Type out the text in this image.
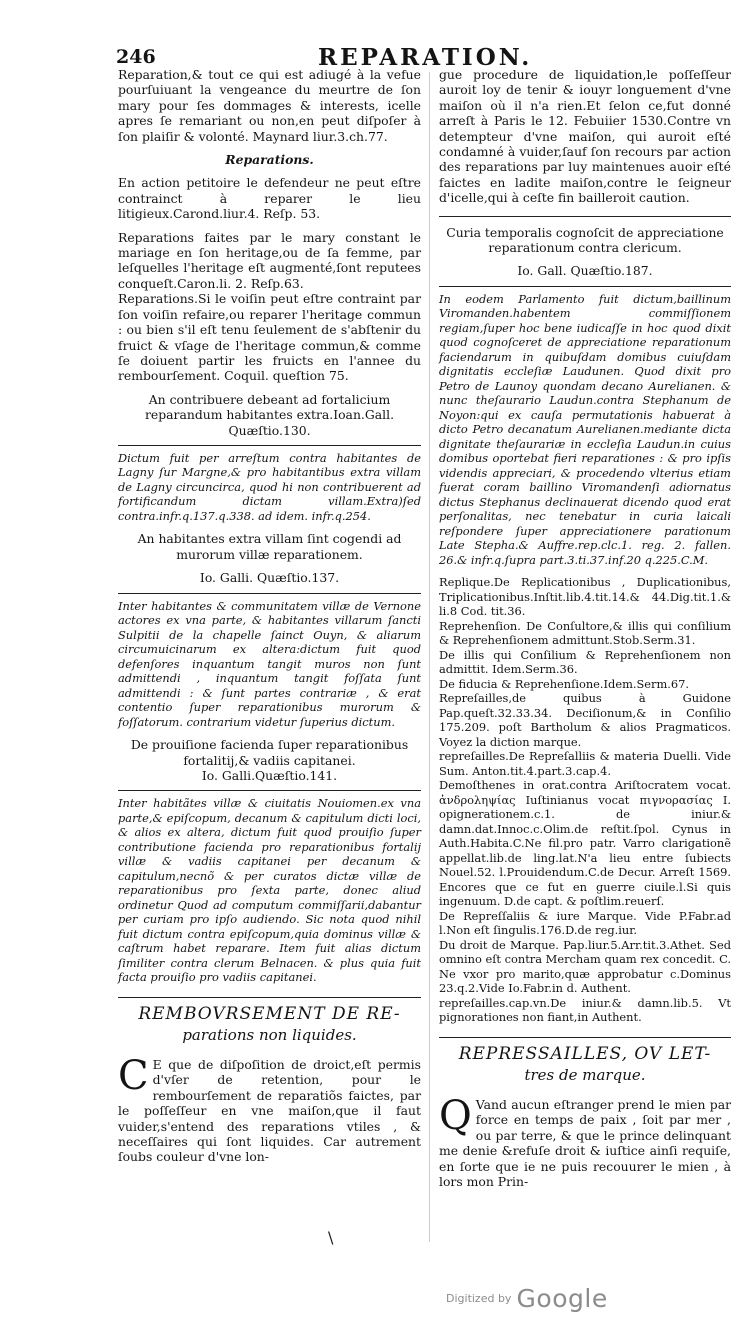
246	REPARATION.

Reparation,& tout ce qui est adiugé à la vefue pourſuiuant la vengeance du meurtre de ſon mary pour ſes dommages & interests, icelle apres ſe remariant ou non,en peut diſpoſer à ſon plaiſir & volonté. Maynard liur.3.ch.77.

Reparations.

En action petitoire le defendeur ne peut eſtre contrainct à reparer le lieu litigieux.Carond.liur.4. Reſp. 53.

Reparations faites par le mary constant le mariage en ſon heritage,ou de ſa femme, par leſquelles l'heritage eſt augmenté,ſont reputees conqueſt.Caron.li. 2. Reſp.63.

Reparations.Si le voiſin peut eſtre contraint par ſon voiſin refaire,ou reparer l'heritage commun : ou bien s'il eſt tenu ſeulement de s'abſtenir du fruict & vſage de l'heritage commun,& comme ſe doiuent partir les fruicts en l'annee du rembourſement. Coquil. queſtion 75.

An contribuere debeant ad fortalicium reparandum habitantes extra.Ioan.Gall. Quæſtio.130.

Dictum fuit per arreſtum contra habitantes de Lagny ſur Margne,& pro habitantibus extra villam de Lagny circuncirca, quod hi non contribuerent ad fortificandum dictam villam.Extra)ſed contra.infr.q.137.q.338. ad idem. infr.q.254.

An habitantes extra villam ſint cogendi ad murorum villæ reparationem.

Io. Galli. Quæſtio.137.

Inter habitantes & communitatem villæ de Vernone actores ex vna parte, & habitantes villarum ſancti Sulpitii de la chapelle ſainct Ouyn, & aliarum circumuicinarum ex altera:dictum fuit quod defenſores inquantum tangit muros non ſunt admittendi , inquantum tangit foſſata ſunt admittendi : & ſunt partes contrariæ , & erat contentio ſuper reparationibus murorum & foſſatorum. contrarium videtur ſuperius dictum.

De prouiſione facienda ſuper reparationibus fortalitij,& vadiis capitanei.

Io. Galli.Quæſtio.141.

Inter habitãtes villæ & ciuitatis Nouiomen.ex vna parte,& epiſcopum, decanum & capitulum dicti loci, & alios ex altera, dictum fuit quod prouiſio ſuper contributione facienda pro reparationibus fortalij villæ & vadiis capitanei per decanum & capitulum,necnõ & per curatos dictæ villæ de reparationibus pro ſexta parte, donec aliud ordinetur Quod ad computum commiſſarii,dabantur per curiam pro ipſo audiendo. Sic nota quod nihil fuit dictum contra epiſcopum,quia dominus villæ & caſtrum habet reparare. Item fuit alias dictum ſimiliter contra clerum Belnacen. & plus quia fuit facta prouiſio pro vadiis capitanei.

REMBOVRSEMENT DE RE-
parations non liquides.

C E que de diſpoſition de droict,eſt permis d'vſer de retention, pour le rembourſement de reparatiõs faictes, par le poſſeſſeur en vne maiſon,que il faut vuider,s'entend des reparations vtiles , & neceſſaires qui ſont liquides. Car autrement ſoubs couleur d'vne lon-

gue procedure de liquidation,le poſſeſſeur auroit loy de tenir & iouyr longuement d'vne maiſon où il n'a rien.Et ſelon ce,fut donné arreſt à Paris le 12. Febuiier 1530.Contre vn detempteur d'vne maiſon, qui auroit eſté condamné à vuider,ſauf ſon recours par action des reparations par luy maintenues auoir eſté faictes en ladite maiſon,contre le ſeigneur d'icelle,qui à ceſte fin bailleroit caution.

Curia temporalis cognoſcit de appreciatione reparationum contra clericum.

Io. Gall. Quæſtio.187.

In eodem Parlamento fuit dictum,baillinum Viromanden.habentem commiſſionem regiam,ſuper hoc bene iudicaſſe in hoc quod dixit quod cognoſceret de appreciatione reparationum faciendarum in quibuſdam domibus cuiuſdam dignitatis eccleſiæ Laudunen. Quod dixit pro Petro de Launoy quondam decano Aurelianen. & nunc theſaurario Laudun.contra Stephanum de Noyon:qui ex cauſa permutationis habuerat à dicto Petro decanatum Aurelianen.mediante dicta dignitate theſaurariæ in eccleſia Laudun.in cuius domibus oportebat fieri reparationes : & pro ipſis videndis appreciari, & procedendo vlterius etiam fuerat coram baillino Viromandenſi adiornatus dictus Stephanus declinauerat dicendo quod erat perſonalitas, nec tenebatur in curia laicali reſpondere ſuper appreciationere parationum Late Stepha.& Auffre.rep.clc.1. reg. 2. fallen. 26.& infr.q.ſupra part.3.ti.37.inf.20 q.225.C.M.

Replique.De Replicationibus , Duplicationibus, Triplicationibus.Inſtit.lib.4.tit.14.& 44.Dig.tit.1.& li.8 Cod. tit.36.

Reprehenſion. De Conſultore,& illis qui conſilium & Reprehenſionem admittunt.Stob.Serm.31.

De illis qui Conſilium & Reprehenſionem non admittit. Idem.Serm.36.

De fiducia & Reprehenſione.Idem.Serm.67.

Repreſailles,de quibus à Guidone Pap.queſt.32.33.34. Deciſionum,& in Conſilio 175.209. poſt Bartholum & alios Pragmaticos. Voyez la diction marque.

repreſailles.De Repreſalliis & materia Duelli. Vide Sum. Anton.tit.4.part.3.cap.4.

Demoſthenes in orat.contra Ariſtocratem vocat. ἀνδροληψίας Iuſtinianus vocat πιγνορασίας I. opignerationem.c.1. de iniur.& damn.dat.Innoc.c.Olim.de reſtit.ſpol. Cynus in Auth.Habita.C.Ne fil.pro patr. Varro clarigationẽ appellat.lib.de ling.lat.N'a lieu entre ſubiects Nouel.52. l.Prouidendum.C.de Decur. Arreſt 1569. Encores que ce fut en guerre ciuile.l.Si quis ingenuum. D.de capt. & poſtlim.reuerſ.

De Repreſſaliis & iure Marque. Vide P.Fabr.ad l.Non eſt ſingulis.176.D.de reg.iur.

Du droit de Marque. Pap.liur.5.Arr.tit.3.Athet. Sed omnino eſt contra Mercham quam rex concedit. C. Ne vxor pro marito,quæ approbatur c.Dominus 23.q.2.Vide Io.Fabr.in d. Authent.

repreſailles.cap.vn.De iniur.& damn.lib.5. Vt pignorationes non fiant,in Authent.

REPRESSAILLES, OV LET-
tres de marque.

Q Vand aucun eſtranger prend le mien par force en temps de paix , ſoit par mer , ou par terre, & que le prince delinquant me denie &refuſe droit & iuſtice ainſi requiſe, en ſorte que ie ne puis recouurer le mien , à lors mon Prin-

\
Digitized by Google
